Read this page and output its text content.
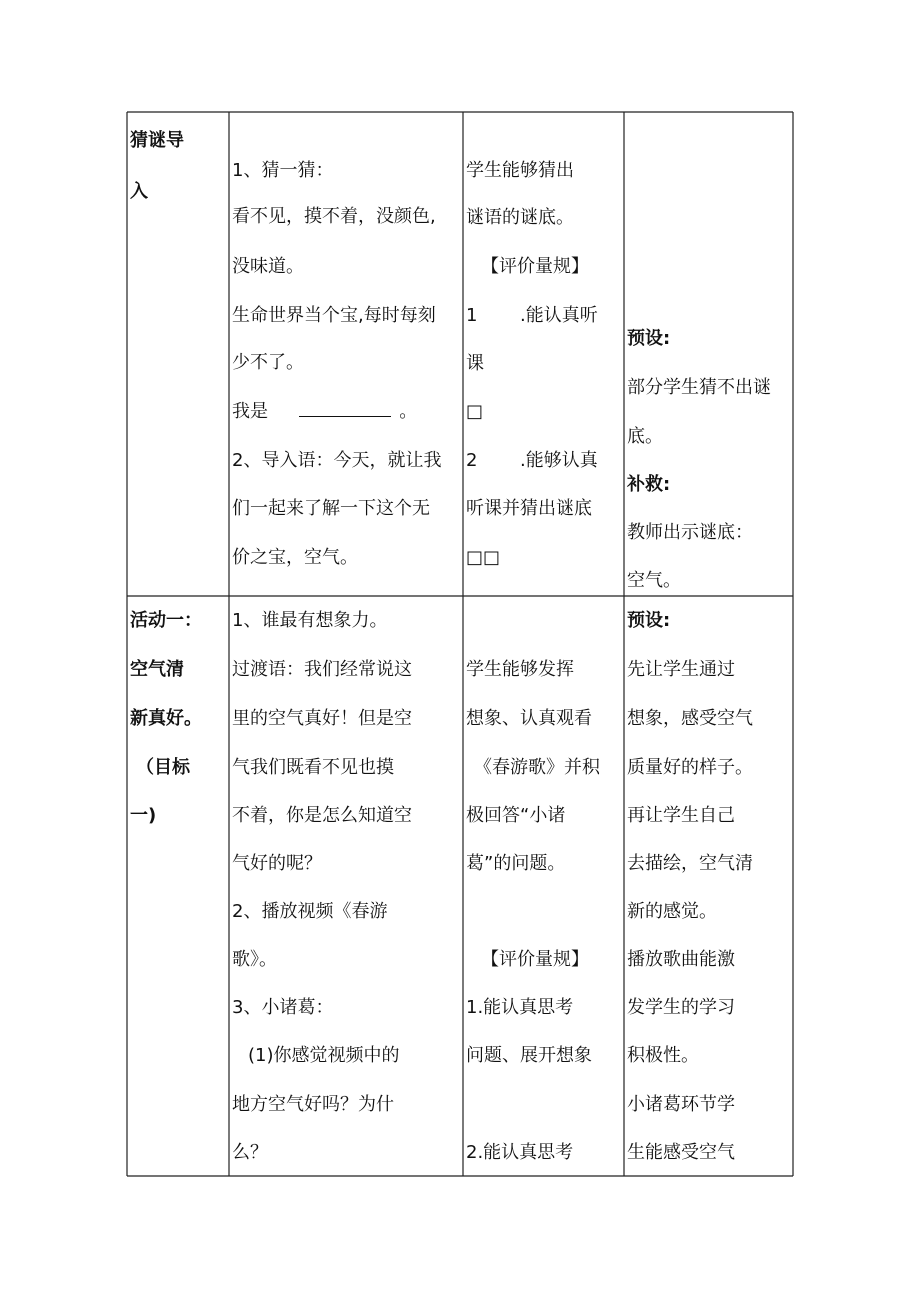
猜谜导
入
1、猜一猜：
看不见，摸不着，没颜色,
没味道。
生命世界当个宝,每时每刻
少不了。
我是	。
2、导入语：今天，就让我
们一起来了解一下这个无
价之宝，空气。
学生能够猜出
谜语的谜底。
【评价量规】
1 .能认真听
课
□
2 .能够认真
听课并猜出谜底
□□
预设:
部分学生猜不出谜
底。
补救:
教师出示谜底：
空气。
活动一：
空气清
新真好。
（目标
一)
1、谁最有想象力。
过渡语：我们经常说这
里的空气真好！但是空
气我们既看不见也摸
不着，你是怎么知道空
气好的呢？
2、播放视频《春游
歌》。
3、小诸葛：
(1)你感觉视频中的
地方空气好吗？为什
么？
学生能够发挥
想象、认真观看
《春游歌》并积
极回答“小诸
葛”的问题。
【评价量规】
1.能认真思考
问题、展开想象
2.能认真思考
预设:
先让学生通过
想象，感受空气
质量好的样子。
再让学生自己
去描绘，空气清
新的感觉。
播放歌曲能激
发学生的学习
积极性。
小诸葛环节学
生能感受空气
